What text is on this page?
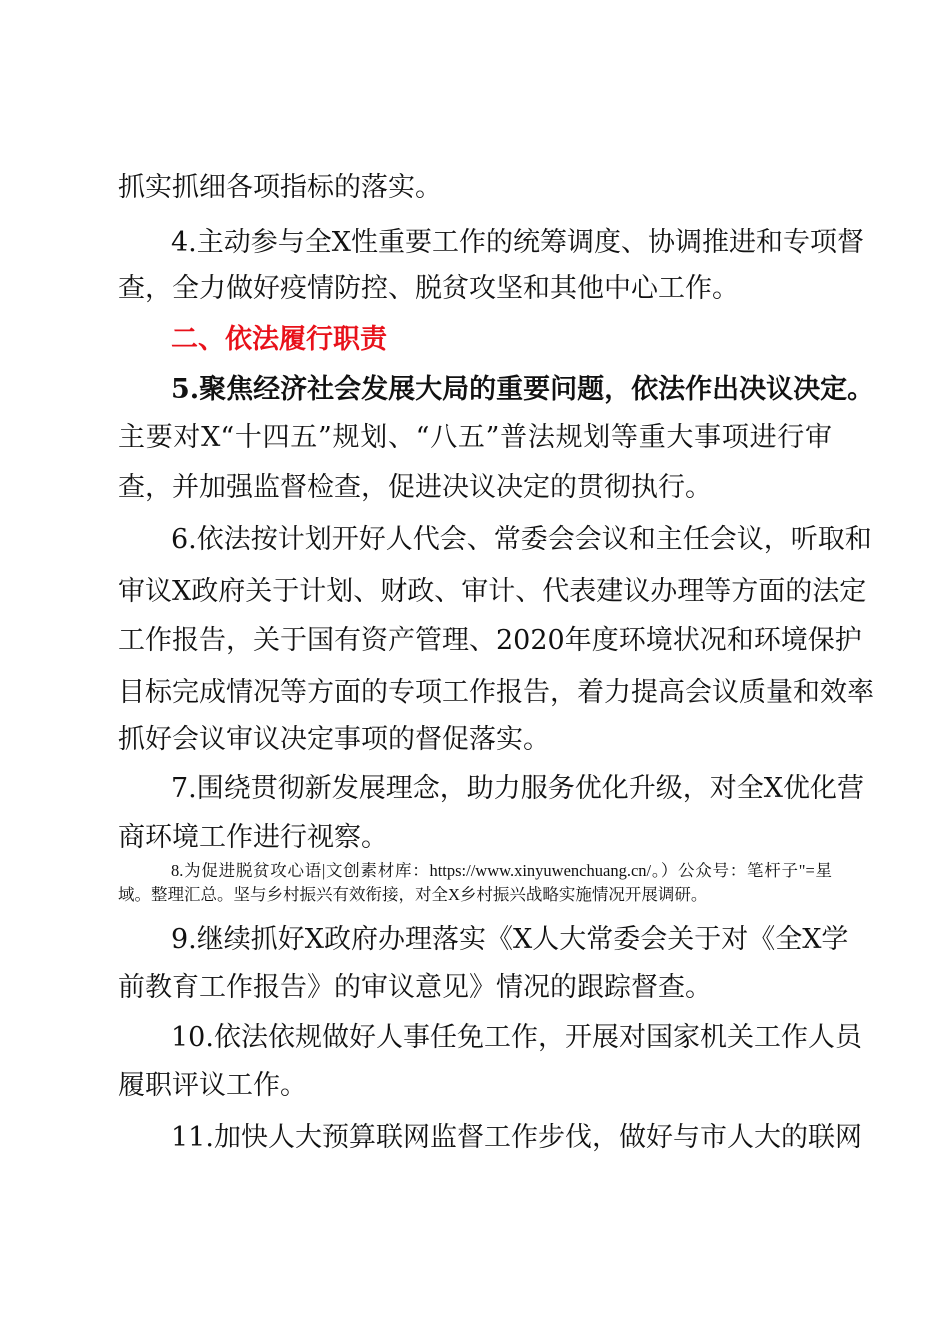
抓实抓细各项指标的落实。
4.主动参与全X性重要工作的统筹调度、协调推进和专项督
查，全力做好疫情防控、脱贫攻坚和其他中心工作。
二、依法履行职责
5.聚焦经济社会发展大局的重要问题，依法作出决议决定。
主要对X“十四五”规划、“八五”普法规划等重大事项进行审
查，并加强监督检查，促进决议决定的贯彻执行。
6.依法按计划开好人代会、常委会会议和主任会议，听取和
审议X政府关于计划、财政、审计、代表建议办理等方面的法定
工作报告，关于国有资产管理、2020年度环境状况和环境保护
目标完成情况等方面的专项工作报告，着力提高会议质量和效率
抓好会议审议决定事项的督促落实。
7.围绕贯彻新发展理念，助力服务优化升级，对全X优化营
商环境工作进行视察。
8.为促进脱贫攻心语|文创素材库：https://www.xinyuwenchuang.cn/。）公众号：笔杆子"=星
域。整理汇总。坚与乡村振兴有效衔接，对全X乡村振兴战略实施情况开展调研。
9.继续抓好X政府办理落实《X人大常委会关于对《全X学
前教育工作报告》的审议意见》情况的跟踪督查。
10.依法依规做好人事任免工作，开展对国家机关工作人员
履职评议工作。
11.加快人大预算联网监督工作步伐，做好与市人大的联网
